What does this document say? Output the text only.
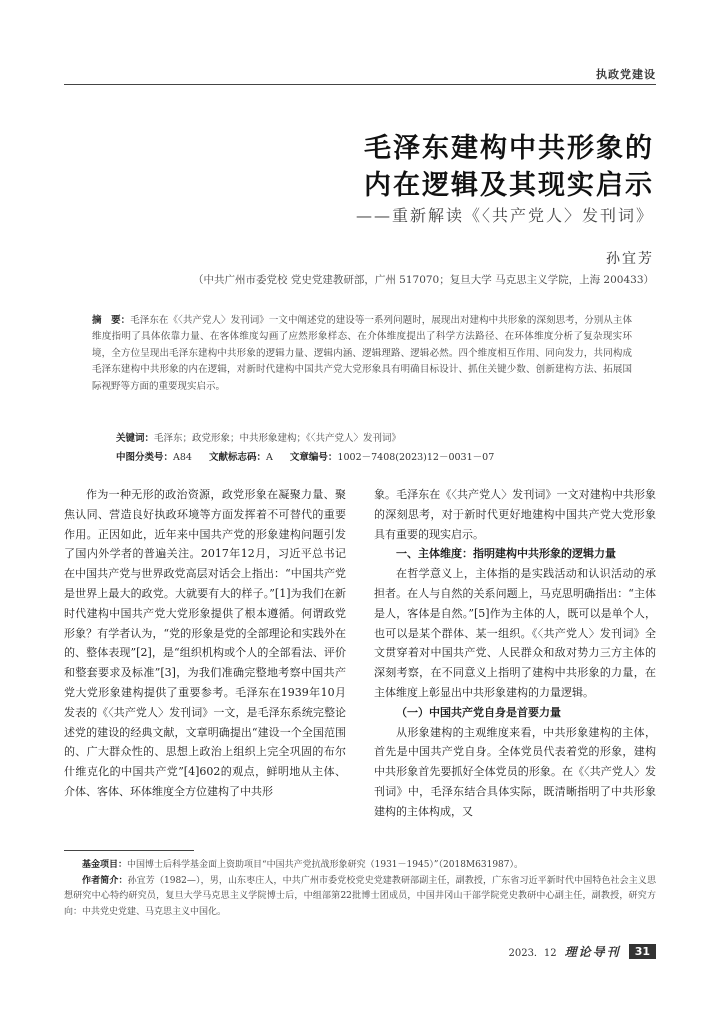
执政党建设
毛泽东建构中共形象的
内在逻辑及其现实启示
——重新解读《〈共产党人〉发刊词》
孙宜芳
（中共广州市委党校 党史党建教研部，广州 517070；复旦大学 马克思主义学院，上海 200433）
摘　要：毛泽东在《〈共产党人〉发刊词》一文中阐述党的建设等一系列问题时，展现出对建构中共形象的深刻思考，分别从主体维度指明了具体依靠力量、在客体维度勾画了应然形象样态、在介体维度提出了科学方法路径、在环体维度分析了复杂现实环境，全方位呈现出毛泽东建构中共形象的逻辑力量、逻辑内涵、逻辑理路、逻辑必然。四个维度相互作用、同向发力，共同构成毛泽东建构中共形象的内在逻辑，对新时代建构中国共产党大党形象具有明确目标设计、抓住关键少数、创新建构方法、拓展国际视野等方面的重要现实启示。
关键词：毛泽东；政党形象；中共形象建构；《〈共产党人〉发刊词》
中图分类号：A84 文献标志码：A 文章编号：1002－7408(2023)12－0031－07

作为一种无形的政治资源，政党形象在凝聚力量、聚焦认同、营造良好执政环境等方面发挥着不可替代的重要作用。正因如此，近年来中国共产党的形象建构问题引发了国内外学者的普遍关注。2017年12月，习近平总书记在中国共产党与世界政党高层对话会上指出：“中国共产党是世界上最大的政党。大就要有大的样子。”[1]为我们在新时代建构中国共产党大党形象提供了根本遵循。何谓政党形象？有学者认为，“党的形象是党的全部理论和实践外在的、整体表现”[2]，是“组织机构或个人的全部看法、评价和整套要求及标准”[3]，为我们准确完整地考察中国共产党大党形象建构提供了重要参考。毛泽东在1939年10月发表的《〈共产党人〉发刊词》一文，是毛泽东系统完整论述党的建设的经典文献，文章明确提出“建设一个全国范围的、广大群众性的、思想上政治上组织上完全巩固的布尔什维克化的中国共产党”[4]602的观点，鲜明地从主体、介体、客体、环体维度全方位建构了中共形

象。毛泽东在《〈共产党人〉发刊词》一文对建构中共形象的深刻思考，对于新时代更好地建构中国共产党大党形象具有重要的现实启示。

一、主体维度：指明建构中共形象的逻辑力量

在哲学意义上，主体指的是实践活动和认识活动的承担者。在人与自然的关系问题上，马克思明确指出：“主体是人，客体是自然。”[5]作为主体的人，既可以是单个人，也可以是某个群体、某一组织。《〈共产党人〉发刊词》全文贯穿着对中国共产党、人民群众和敌对势力三方主体的深刻考察，在不同意义上指明了建构中共形象的力量，在主体维度上彰显出中共形象建构的力量逻辑。

（一）中国共产党自身是首要力量

从形象建构的主观维度来看，中共形象建构的主体，首先是中国共产党自身。全体党员代表着党的形象，建构中共形象首先要抓好全体党员的形象。在《〈共产党人〉发刊词》中，毛泽东结合具体实际，既清晰指明了中共形象建构的主体构成，又

基金项目：中国博士后科学基金面上资助项目“中国共产党抗战形象研究（1931－1945）”（2018M631987）。

作者简介：孙宜芳（1982—），男，山东枣庄人，中共广州市委党校党史党建教研部副主任，副教授，广东省习近平新时代中国特色社会主义思想研究中心特约研究员，复旦大学马克思主义学院博士后，中组部第22批博士团成员，中国井冈山干部学院党史教研中心副主任，副教授，研究方向：中共党史党建、马克思主义中国化。

2023．12 理论导刊	31
